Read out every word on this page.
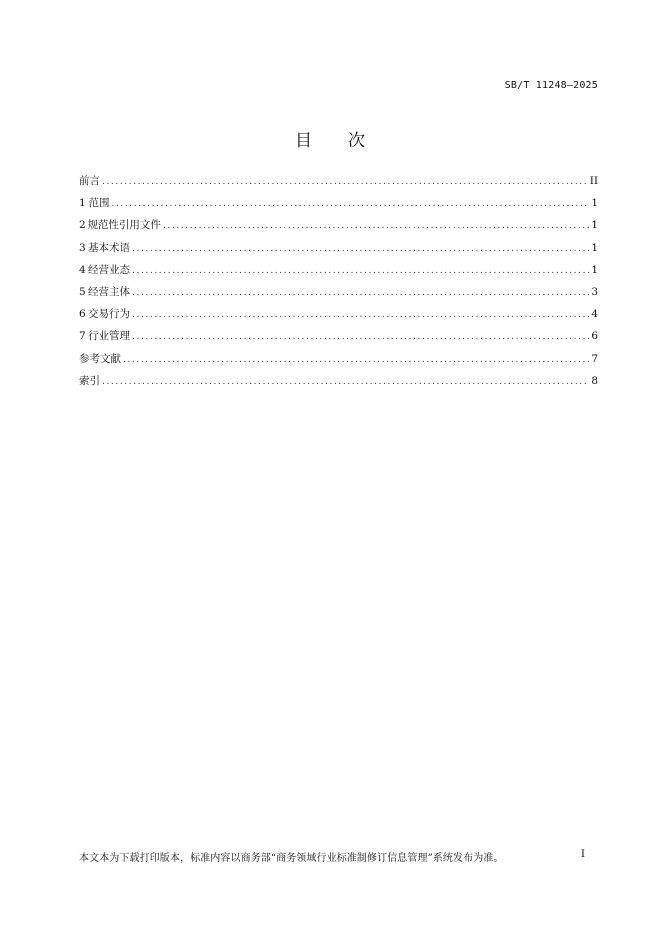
SB/T 11248—2025
目 次
前言 .....	II
1 范围 .....	1
2 规范性引用文件 .....	1
3 基本术语 .....	1
4 经营业态 .....	1
5 经营主体 .....	3
6 交易行为 .....	4
7 行业管理 .....	6
参考文献 .....	7
索引 .....	8
本文本为下载打印版本，标准内容以商务部“商务领域行业标准制修订信息管理”系统发布为准。	I
